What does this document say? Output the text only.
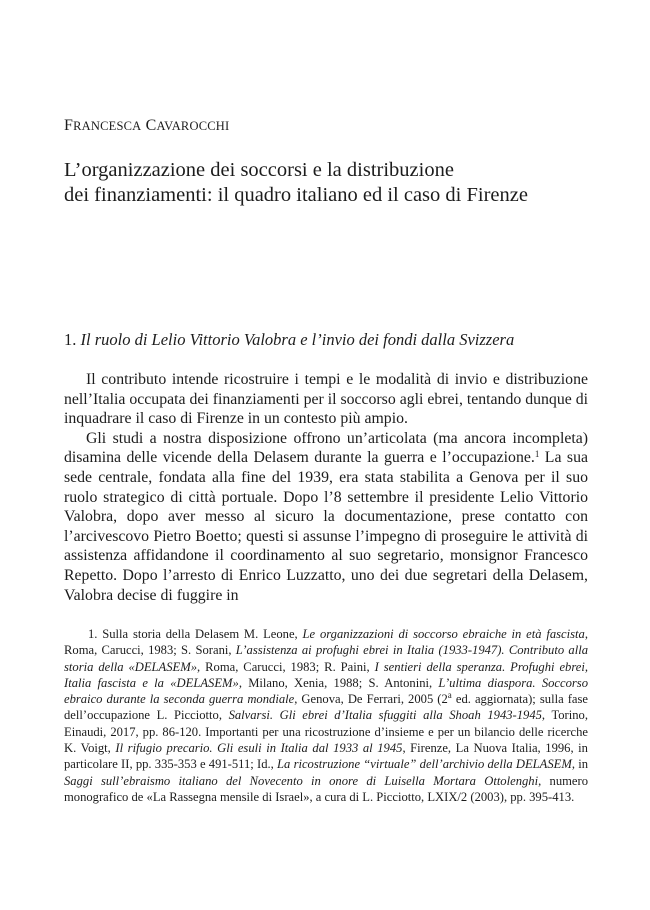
FRANCESCA CAVAROCCHI
L’organizzazione dei soccorsi e la distribuzione
dei finanziamenti: il quadro italiano ed il caso di Firenze
1. Il ruolo di Lelio Vittorio Valobra e l’invio dei fondi dalla Svizzera

Il contributo intende ricostruire i tempi e le modalità di invio e distribuzione nell’Italia occupata dei finanziamenti per il soccorso agli ebrei, tentando dunque di inquadrare il caso di Firenze in un contesto più ampio.

Gli studi a nostra disposizione offrono un’articolata (ma ancora incompleta) disamina delle vicende della Delasem durante la guerra e l’occupazione.$^1$ La sua sede centrale, fondata alla fine del 1939, era stata stabilita a Genova per il suo ruolo strategico di città portuale. Dopo l’8 settembre il presidente Lelio Vittorio Valobra, dopo aver messo al sicuro la documentazione, prese contatto con l’arcivescovo Pietro Boetto; questi si assunse l’impegno di proseguire le attività di assistenza affidandone il coordinamento al suo segretario, monsignor Francesco Repetto. Dopo l’arresto di Enrico Luzzatto, uno dei due segretari della Delasem, Valobra decise di fuggire in

1. Sulla storia della Delasem M. Leone, Le organizzazioni di soccorso ebraiche in età fascista, Roma, Carucci, 1983; S. Sorani, L’assistenza ai profughi ebrei in Italia (1933-1947). Contributo alla storia della «DELASEM», Roma, Carucci, 1983; R. Paini, I sentieri della speranza. Profughi ebrei, Italia fascista e la «DELASEM», Milano, Xenia, 1988; S. Antonini, L’ultima diaspora. Soccorso ebraico durante la seconda guerra mondiale, Genova, De Ferrari, 2005 (2$^a$ ed. aggiornata); sulla fase dell’occupazione L. Picciotto, Salvarsi. Gli ebrei d’Italia sfuggiti alla Shoah 1943-1945, Torino, Einaudi, 2017, pp. 86-120. Importanti per una ricostruzione d’insieme e per un bilancio delle ricerche K. Voigt, Il rifugio precario. Gli esuli in Italia dal 1933 al 1945, Firenze, La Nuova Italia, 1996, in particolare II, pp. 335-353 e 491-511; Id., La ricostruzione “virtuale” dell’archivio della DELASEM, in Saggi sull’ebraismo italiano del Novecento in onore di Luisella Mortara Ottolenghi, numero monografico de «La Rassegna mensile di Israel», a cura di L. Picciotto, LXIX/2 (2003), pp. 395-413.
